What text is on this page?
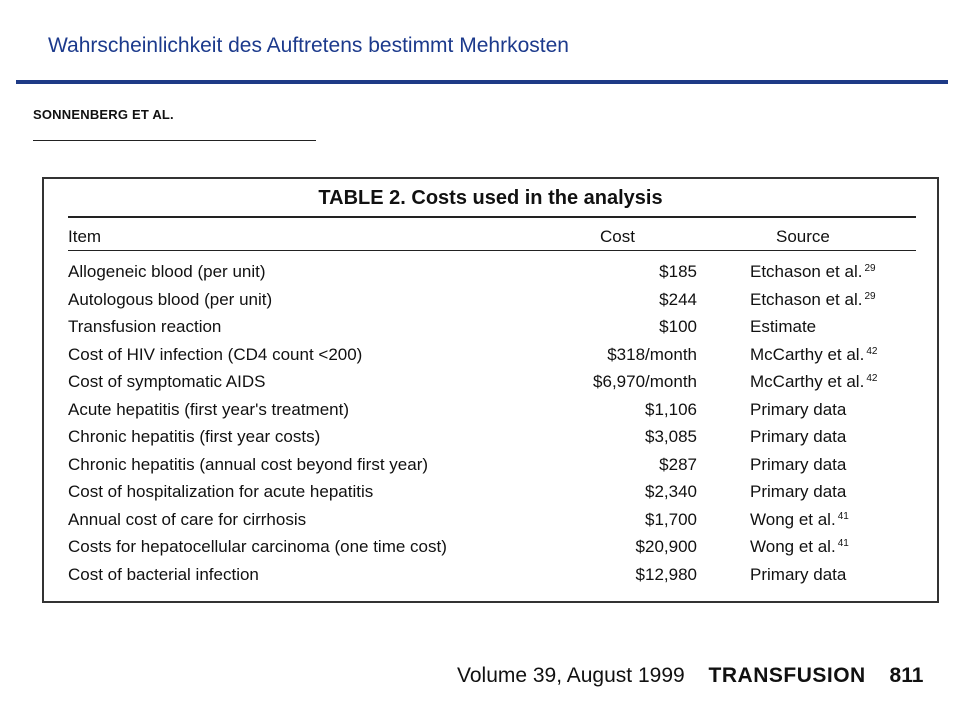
Wahrscheinlichkeit des Auftretens bestimmt Mehrkosten
SONNENBERG ET AL.
TABLE 2. Costs used in the analysis
Item	Cost	Source
Allogeneic blood (per unit)	$185	Etchason et al. $^{29}$
Autologous blood (per unit)	$244	Etchason et al. $^{29}$
Transfusion reaction	$100	Estimate
Cost of HIV infection (CD4 count <200)	$318/month	McCarthy et al. $^{42}$
Cost of symptomatic AIDS	$6,970/month	McCarthy et al. $^{42}$
Acute hepatitis (first year's treatment)	$1,106	Primary data
Chronic hepatitis (first year costs)	$3,085	Primary data
Chronic hepatitis (annual cost beyond first year)	$287	Primary data
Cost of hospitalization for acute hepatitis	$2,340	Primary data
Annual cost of care for cirrhosis	$1,700	Wong et al. $^{41}$
Costs for hepatocellular carcinoma (one time cost)	$20,900	Wong et al. $^{41}$
Cost of bacterial infection	$12,980	Primary data
Volume 39, August 1999 TRANSFUSION 811
